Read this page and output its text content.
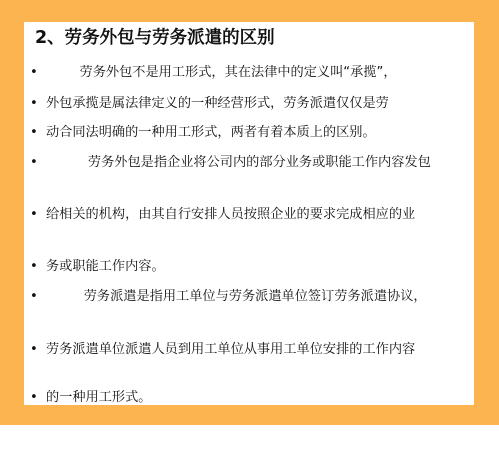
2、劳务外包与劳务派遣的区别
• 劳务外包不是用工形式，其在法律中的定义叫“承揽”，
• 外包承揽是属法律定义的一种经营形式，劳务派遣仅仅是劳
• 动合同法明确的一种用工形式，两者有着本质上的区别。
• 劳务外包是指企业将公司内的部分业务或职能工作内容发包
• 给相关的机构，由其自行安排人员按照企业的要求完成相应的业
• 务或职能工作内容。
• 劳务派遣是指用工单位与劳务派遣单位签订劳务派遣协议，
• 劳务派遣单位派遣人员到用工单位从事用工单位安排的工作内容
• 的一种用工形式。
